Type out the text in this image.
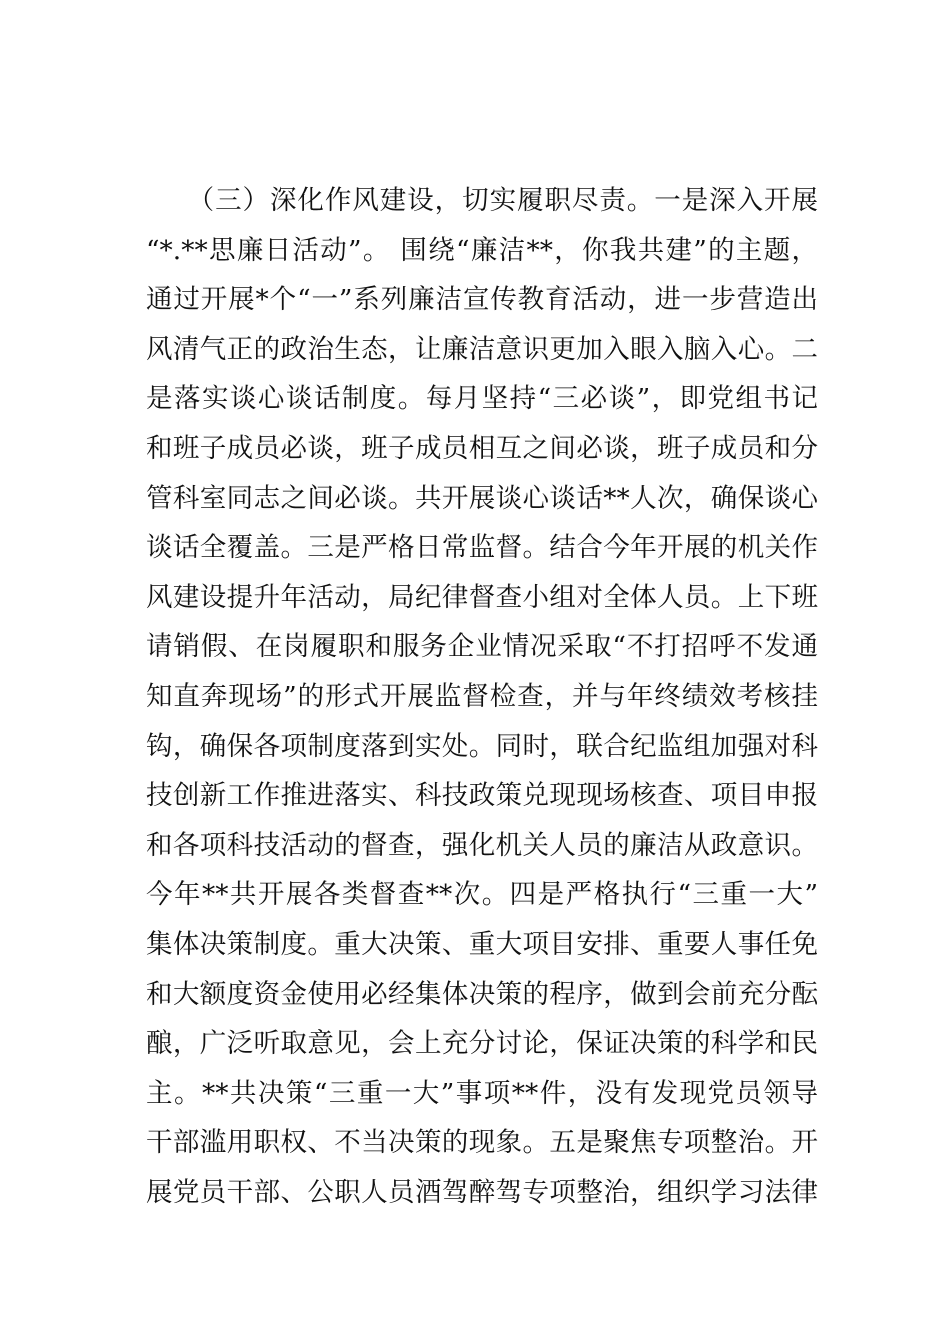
　　（三）深化作风建设，切实履职尽责。一是深入开展
“*.**思廉日活动”。 围绕“廉洁**，你我共建”的主题，
通过开展*个“一”系列廉洁宣传教育活动，进一步营造出
风清气正的政治生态，让廉洁意识更加入眼入脑入心。二
是落实谈心谈话制度。每月坚持“三必谈”，即党组书记
和班子成员必谈，班子成员相互之间必谈，班子成员和分
管科室同志之间必谈。共开展谈心谈话**人次，确保谈心
谈话全覆盖。三是严格日常监督。结合今年开展的机关作
风建设提升年活动，局纪律督查小组对全体人员。上下班
请销假、在岗履职和服务企业情况采取“不打招呼不发通
知直奔现场”的形式开展监督检查，并与年终绩效考核挂
钩，确保各项制度落到实处。同时，联合纪监组加强对科
技创新工作推进落实、科技政策兑现现场核查、项目申报
和各项科技活动的督查，强化机关人员的廉洁从政意识。
今年**共开展各类督查**次。四是严格执行“三重一大”
集体决策制度。重大决策、重大项目安排、重要人事任免
和大额度资金使用必经集体决策的程序，做到会前充分酝
酿，广泛听取意见，会上充分讨论，保证决策的科学和民
主。**共决策“三重一大”事项**件，没有发现党员领导
干部滥用职权、不当决策的现象。五是聚焦专项整治。开
展党员干部、公职人员酒驾醉驾专项整治，组织学习法律
